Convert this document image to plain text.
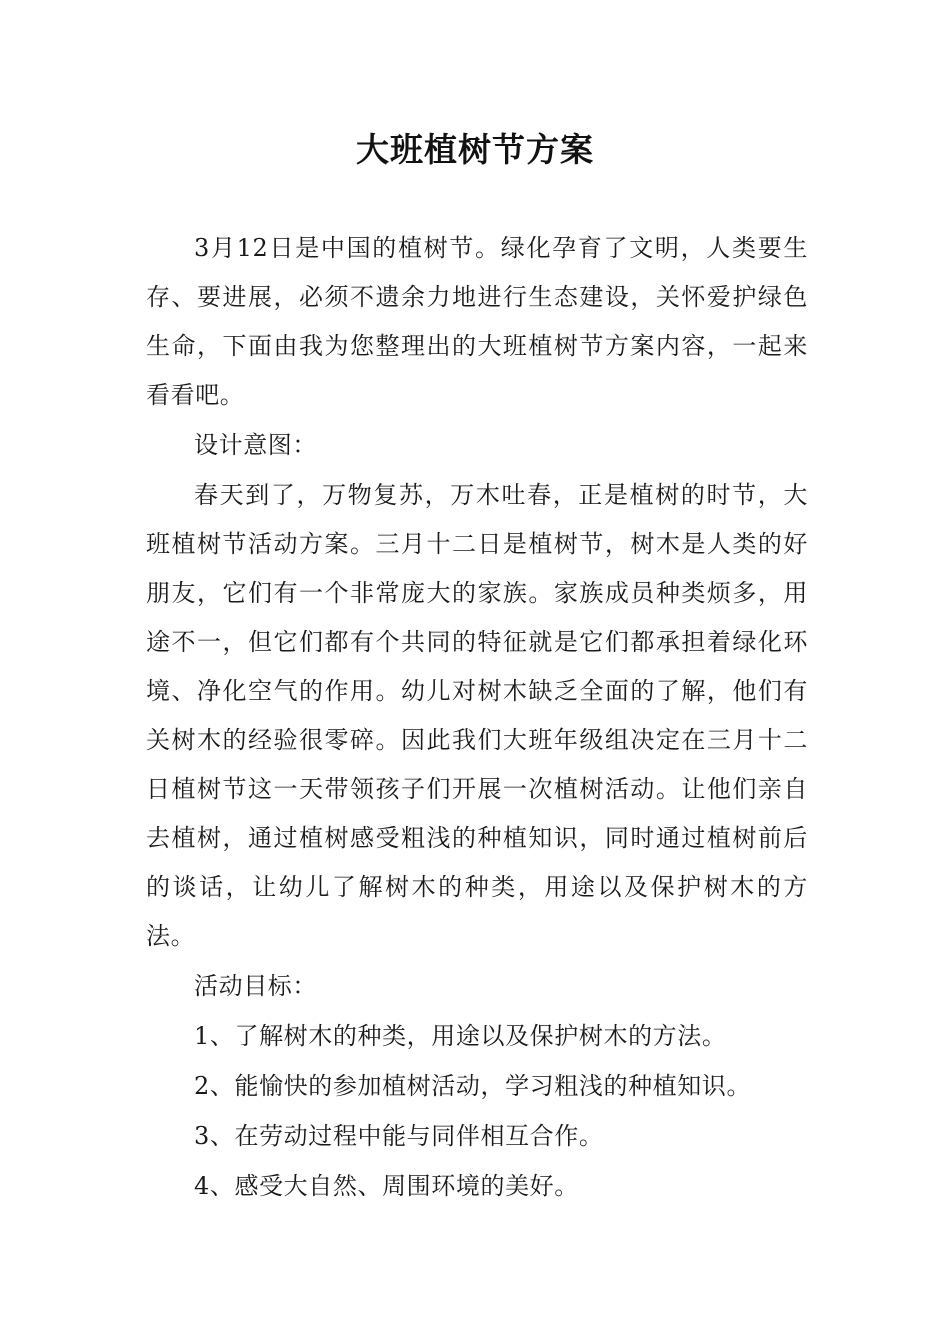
大班植树节方案

3月12日是中国的植树节。绿化孕育了文明，人类要生存、要进展，必须不遗余力地进行生态建设，关怀爱护绿色生命，下面由我为您整理出的大班植树节方案内容，一起来看看吧。

设计意图：

春天到了，万物复苏，万木吐春，正是植树的时节，大班植树节活动方案。三月十二日是植树节，树木是人类的好朋友，它们有一个非常庞大的家族。家族成员种类烦多，用途不一，但它们都有个共同的特征就是它们都承担着绿化环境、净化空气的作用。幼儿对树木缺乏全面的了解，他们有关树木的经验很零碎。因此我们大班年级组决定在三月十二日植树节这一天带领孩子们开展一次植树活动。让他们亲自去植树，通过植树感受粗浅的种植知识，同时通过植树前后的谈话，让幼儿了解树木的种类，用途以及保护树木的方法。

活动目标：

1、了解树木的种类，用途以及保护树木的方法。

2、能愉快的参加植树活动，学习粗浅的种植知识。

3、在劳动过程中能与同伴相互合作。

4、感受大自然、周围环境的美好。
